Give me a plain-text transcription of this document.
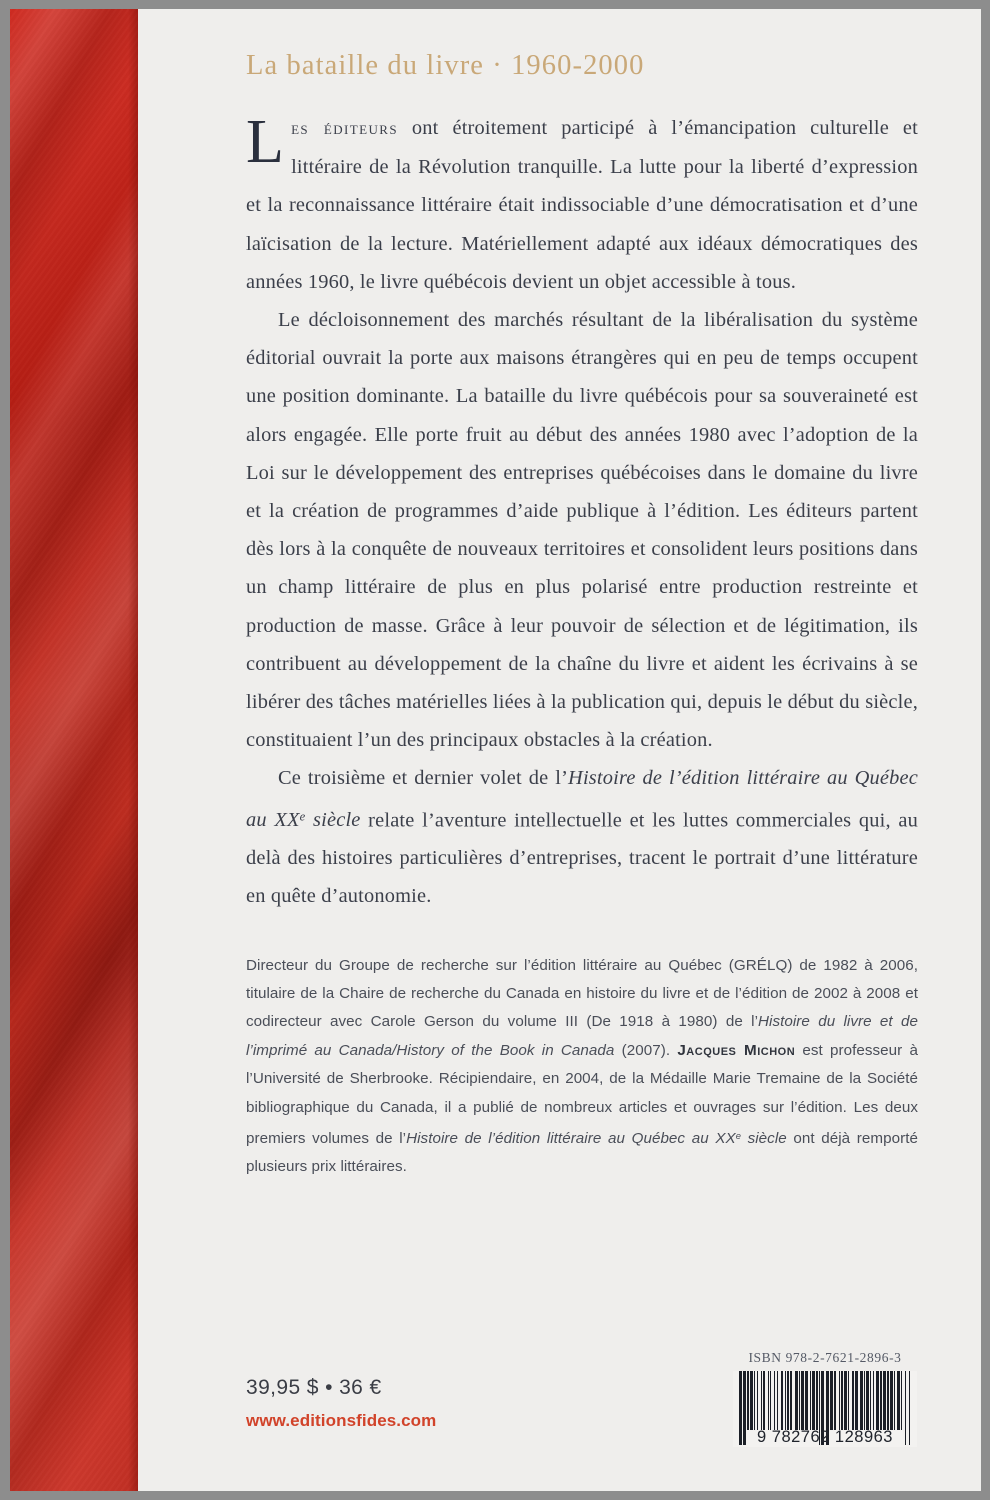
La bataille du livre · 1960-2000

Les éditeurs ont étroitement participé à l’émancipation culturelle et littéraire de la Révolution tranquille. La lutte pour la liberté d’expression et la reconnaissance littéraire était indissociable d’une démocratisation et d’une laïcisation de la lecture. Matériellement adapté aux idéaux démocratiques des années 1960, le livre québécois devient un objet accessible à tous.

Le décloisonnement des marchés résultant de la libéralisation du système éditorial ouvrait la porte aux maisons étrangères qui en peu de temps occupent une position dominante. La bataille du livre québécois pour sa souveraineté est alors engagée. Elle porte fruit au début des années 1980 avec l’adoption de la Loi sur le développement des entreprises québécoises dans le domaine du livre et la création de programmes d’aide publique à l’édition. Les éditeurs partent dès lors à la conquête de nouveaux territoires et consolident leurs positions dans un champ littéraire de plus en plus polarisé entre production restreinte et production de masse. Grâce à leur pouvoir de sélection et de légitimation, ils contribuent au développement de la chaîne du livre et aident les écrivains à se libérer des tâches matérielles liées à la publication qui, depuis le début du siècle, constituaient l’un des principaux obstacles à la création.

Ce troisième et dernier volet de l’Histoire de l’édition littéraire au Québec au XXe siècle relate l’aventure intellectuelle et les luttes commerciales qui, au delà des histoires particulières d’entreprises, tracent le portrait d’une littérature en quête d’autonomie.

Directeur du Groupe de recherche sur l’édition littéraire au Québec (GRÉLQ) de 1982 à 2006, titulaire de la Chaire de recherche du Canada en histoire du livre et de l’édition de 2002 à 2008 et codirecteur avec Carole Gerson du volume III (De 1918 à 1980) de l’Histoire du livre et de l’imprimé au Canada/History of the Book in Canada (2007). Jacques Michon est professeur à l’Université de Sherbrooke. Récipiendaire, en 2004, de la Médaille Marie Tremaine de la Société bibliographique du Canada, il a publié de nombreux articles et ouvrages sur l’édition. Les deux premiers volumes de l’Histoire de l’édition littéraire au Québec au XXe siècle ont déjà remporté plusieurs prix littéraires.
39,95 $ • 36 €
www.editionsfides.com
ISBN 978-2-7621-2896-3
9 782762 128963
